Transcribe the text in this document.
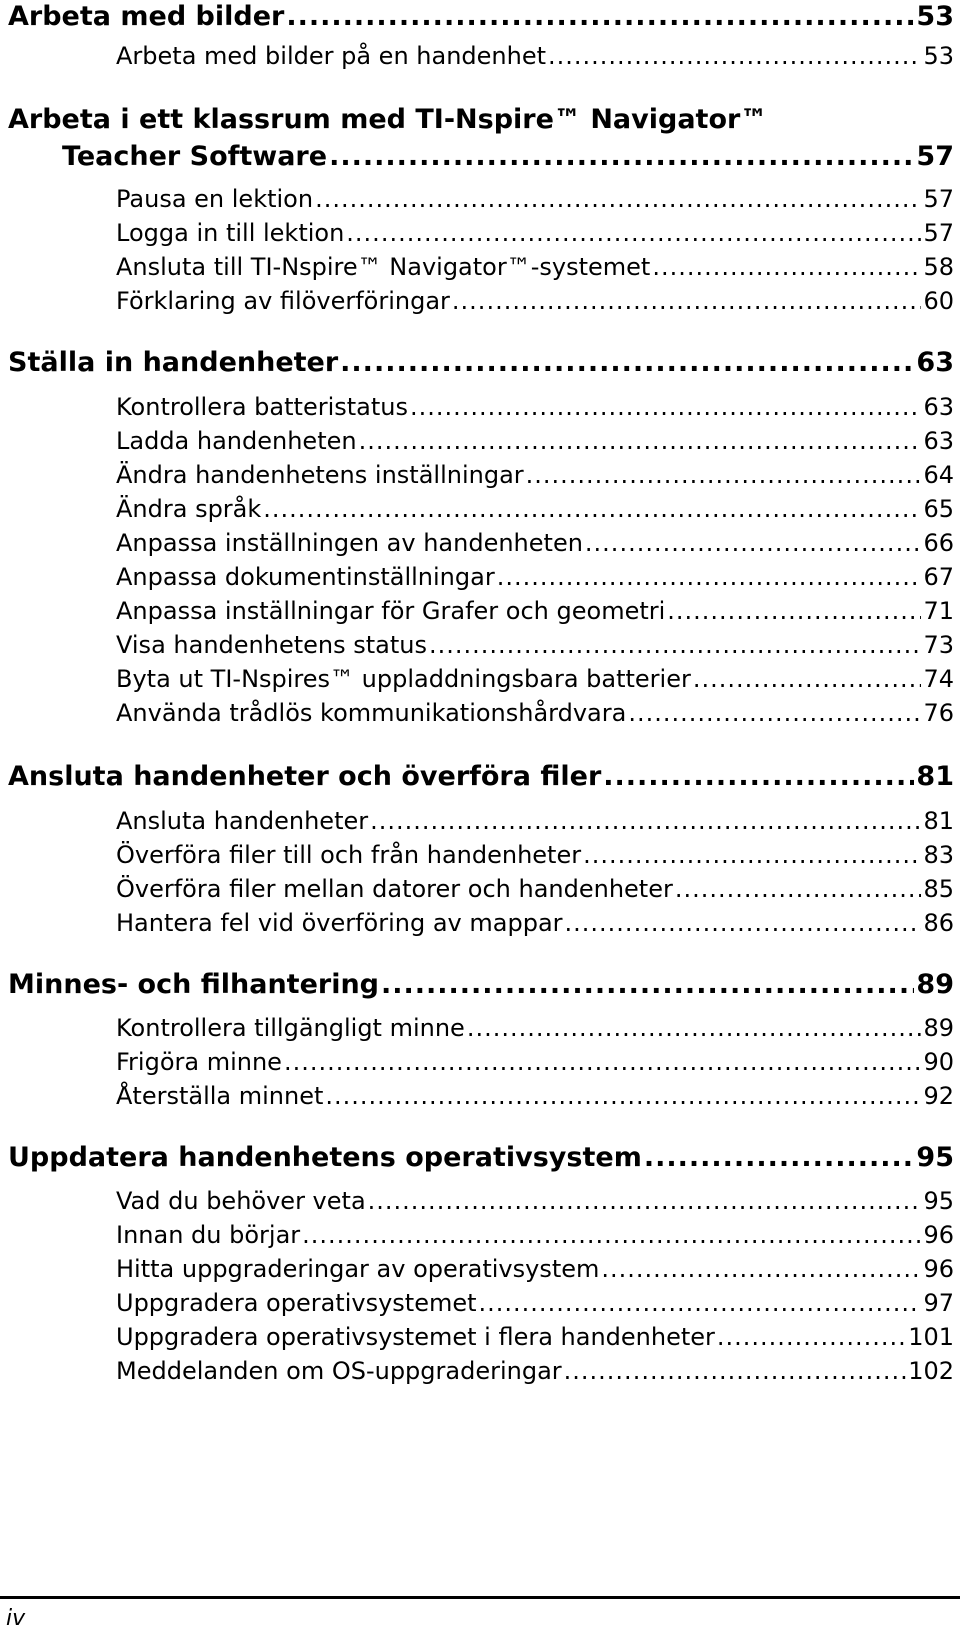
Arbeta med bilder .....	53
Arbeta med bilder på en handenhet .....	53
Arbeta i ett klassrum med TI-Nspire™ Navigator™
Teacher Software .....	57
Pausa en lektion .....	57
Logga in till lektion .....	57
Ansluta till TI-Nspire™ Navigator™-systemet .....	58
Förklaring av filöverföringar .....	60
Ställa in handenheter .....	63
Kontrollera batteristatus .....	63
Ladda handenheten .....	63
Ändra handenhetens inställningar .....	64
Ändra språk .....	65
Anpassa inställningen av handenheten .....	66
Anpassa dokumentinställningar .....	67
Anpassa inställningar för Grafer och geometri .....	71
Visa handenhetens status .....	73
Byta ut TI-Nspires™ uppladdningsbara batterier .....	74
Använda trådlös kommunikationshårdvara .....	76
Ansluta handenheter och överföra filer .....	81
Ansluta handenheter .....	81
Överföra filer till och från handenheter .....	83
Överföra filer mellan datorer och handenheter .....	85
Hantera fel vid överföring av mappar .....	86
Minnes- och filhantering .....	89
Kontrollera tillgängligt minne .....	89
Frigöra minne .....	90
Återställa minnet .....	92
Uppdatera handenhetens operativsystem .....	95
Vad du behöver veta .....	95
Innan du börjar .....	96
Hitta uppgraderingar av operativsystem .....	96
Uppgradera operativsystemet .....	97
Uppgradera operativsystemet i flera handenheter .....	101
Meddelanden om OS-uppgraderingar .....	102
iv
